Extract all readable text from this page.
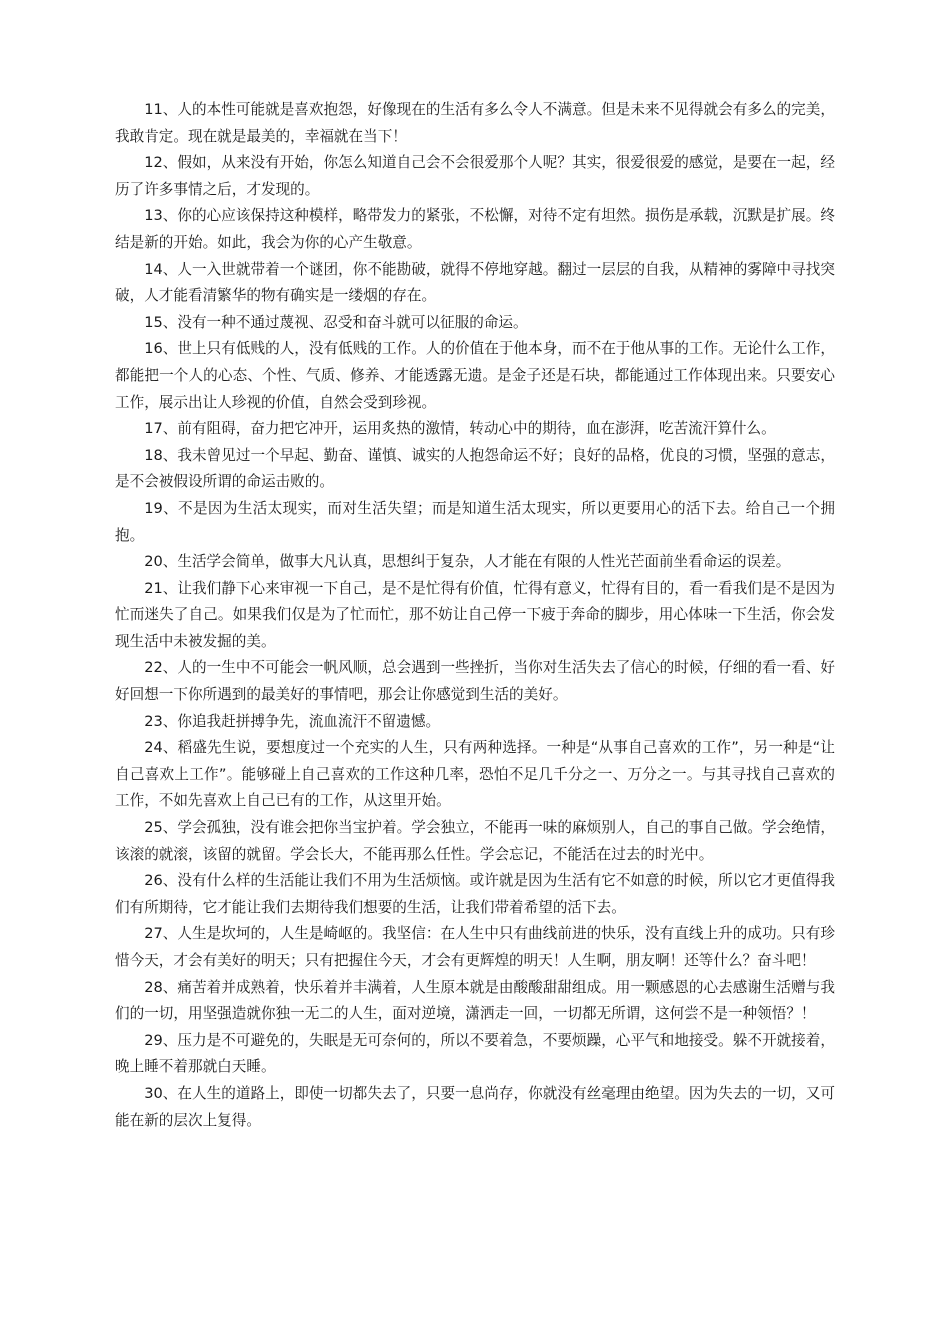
11、人的本性可能就是喜欢抱怨，好像现在的生活有多么令人不满意。但是未来不见得就会有多么的完美，我敢肯定。现在就是最美的，幸福就在当下！

12、假如，从来没有开始，你怎么知道自己会不会很爱那个人呢？其实，很爱很爱的感觉，是要在一起，经历了许多事情之后，才发现的。

13、你的心应该保持这种模样，略带发力的紧张，不松懈，对待不定有坦然。损伤是承载，沉默是扩展。终结是新的开始。如此，我会为你的心产生敬意。

14、人一入世就带着一个谜团，你不能勘破，就得不停地穿越。翻过一层层的自我，从精神的雾障中寻找突破，人才能看清繁华的物有确实是一缕烟的存在。

15、没有一种不通过蔑视、忍受和奋斗就可以征服的命运。

16、世上只有低贱的人，没有低贱的工作。人的价值在于他本身，而不在于他从事的工作。无论什么工作，都能把一个人的心态、个性、气质、修养、才能透露无遗。是金子还是石块，都能通过工作体现出来。只要安心工作，展示出让人珍视的价值，自然会受到珍视。

17、前有阻碍，奋力把它冲开，运用炙热的激情，转动心中的期待，血在澎湃，吃苦流汗算什么。

18、我未曾见过一个早起、勤奋、谨慎、诚实的人抱怨命运不好；良好的品格，优良的习惯，坚强的意志，是不会被假设所谓的命运击败的。

19、不是因为生活太现实，而对生活失望；而是知道生活太现实，所以更要用心的活下去。给自己一个拥抱。

20、生活学会简单，做事大凡认真，思想纠于复杂，人才能在有限的人性光芒面前坐看命运的误差。

21、让我们静下心来审视一下自己，是不是忙得有价值，忙得有意义，忙得有目的，看一看我们是不是因为忙而迷失了自己。如果我们仅是为了忙而忙，那不妨让自己停一下疲于奔命的脚步，用心体味一下生活，你会发现生活中未被发掘的美。

22、人的一生中不可能会一帆风顺，总会遇到一些挫折，当你对生活失去了信心的时候，仔细的看一看、好好回想一下你所遇到的最美好的事情吧，那会让你感觉到生活的美好。

23、你追我赶拼搏争先，流血流汗不留遗憾。

24、稻盛先生说，要想度过一个充实的人生，只有两种选择。一种是“从事自己喜欢的工作”，另一种是“让自己喜欢上工作”。能够碰上自己喜欢的工作这种几率，恐怕不足几千分之一、万分之一。与其寻找自己喜欢的工作，不如先喜欢上自己已有的工作，从这里开始。

25、学会孤独，没有谁会把你当宝护着。学会独立，不能再一味的麻烦别人，自己的事自己做。学会绝情，该滚的就滚，该留的就留。学会长大，不能再那么任性。学会忘记，不能活在过去的时光中。

26、没有什么样的生活能让我们不用为生活烦恼。或许就是因为生活有它不如意的时候，所以它才更值得我们有所期待，它才能让我们去期待我们想要的生活，让我们带着希望的活下去。

27、人生是坎坷的，人生是崎岖的。我坚信：在人生中只有曲线前进的快乐，没有直线上升的成功。只有珍惜今天，才会有美好的明天；只有把握住今天，才会有更辉煌的明天！人生啊，朋友啊！还等什么？奋斗吧！

28、痛苦着并成熟着，快乐着并丰满着，人生原本就是由酸酸甜甜组成。用一颗感恩的心去感谢生活赠与我们的一切，用坚强造就你独一无二的人生，面对逆境，潇洒走一回，一切都无所谓，这何尝不是一种领悟？！

29、压力是不可避免的，失眠是无可奈何的，所以不要着急，不要烦躁，心平气和地接受。躲不开就接着，晚上睡不着那就白天睡。

30、在人生的道路上，即使一切都失去了，只要一息尚存，你就没有丝毫理由绝望。因为失去的一切，又可能在新的层次上复得。
